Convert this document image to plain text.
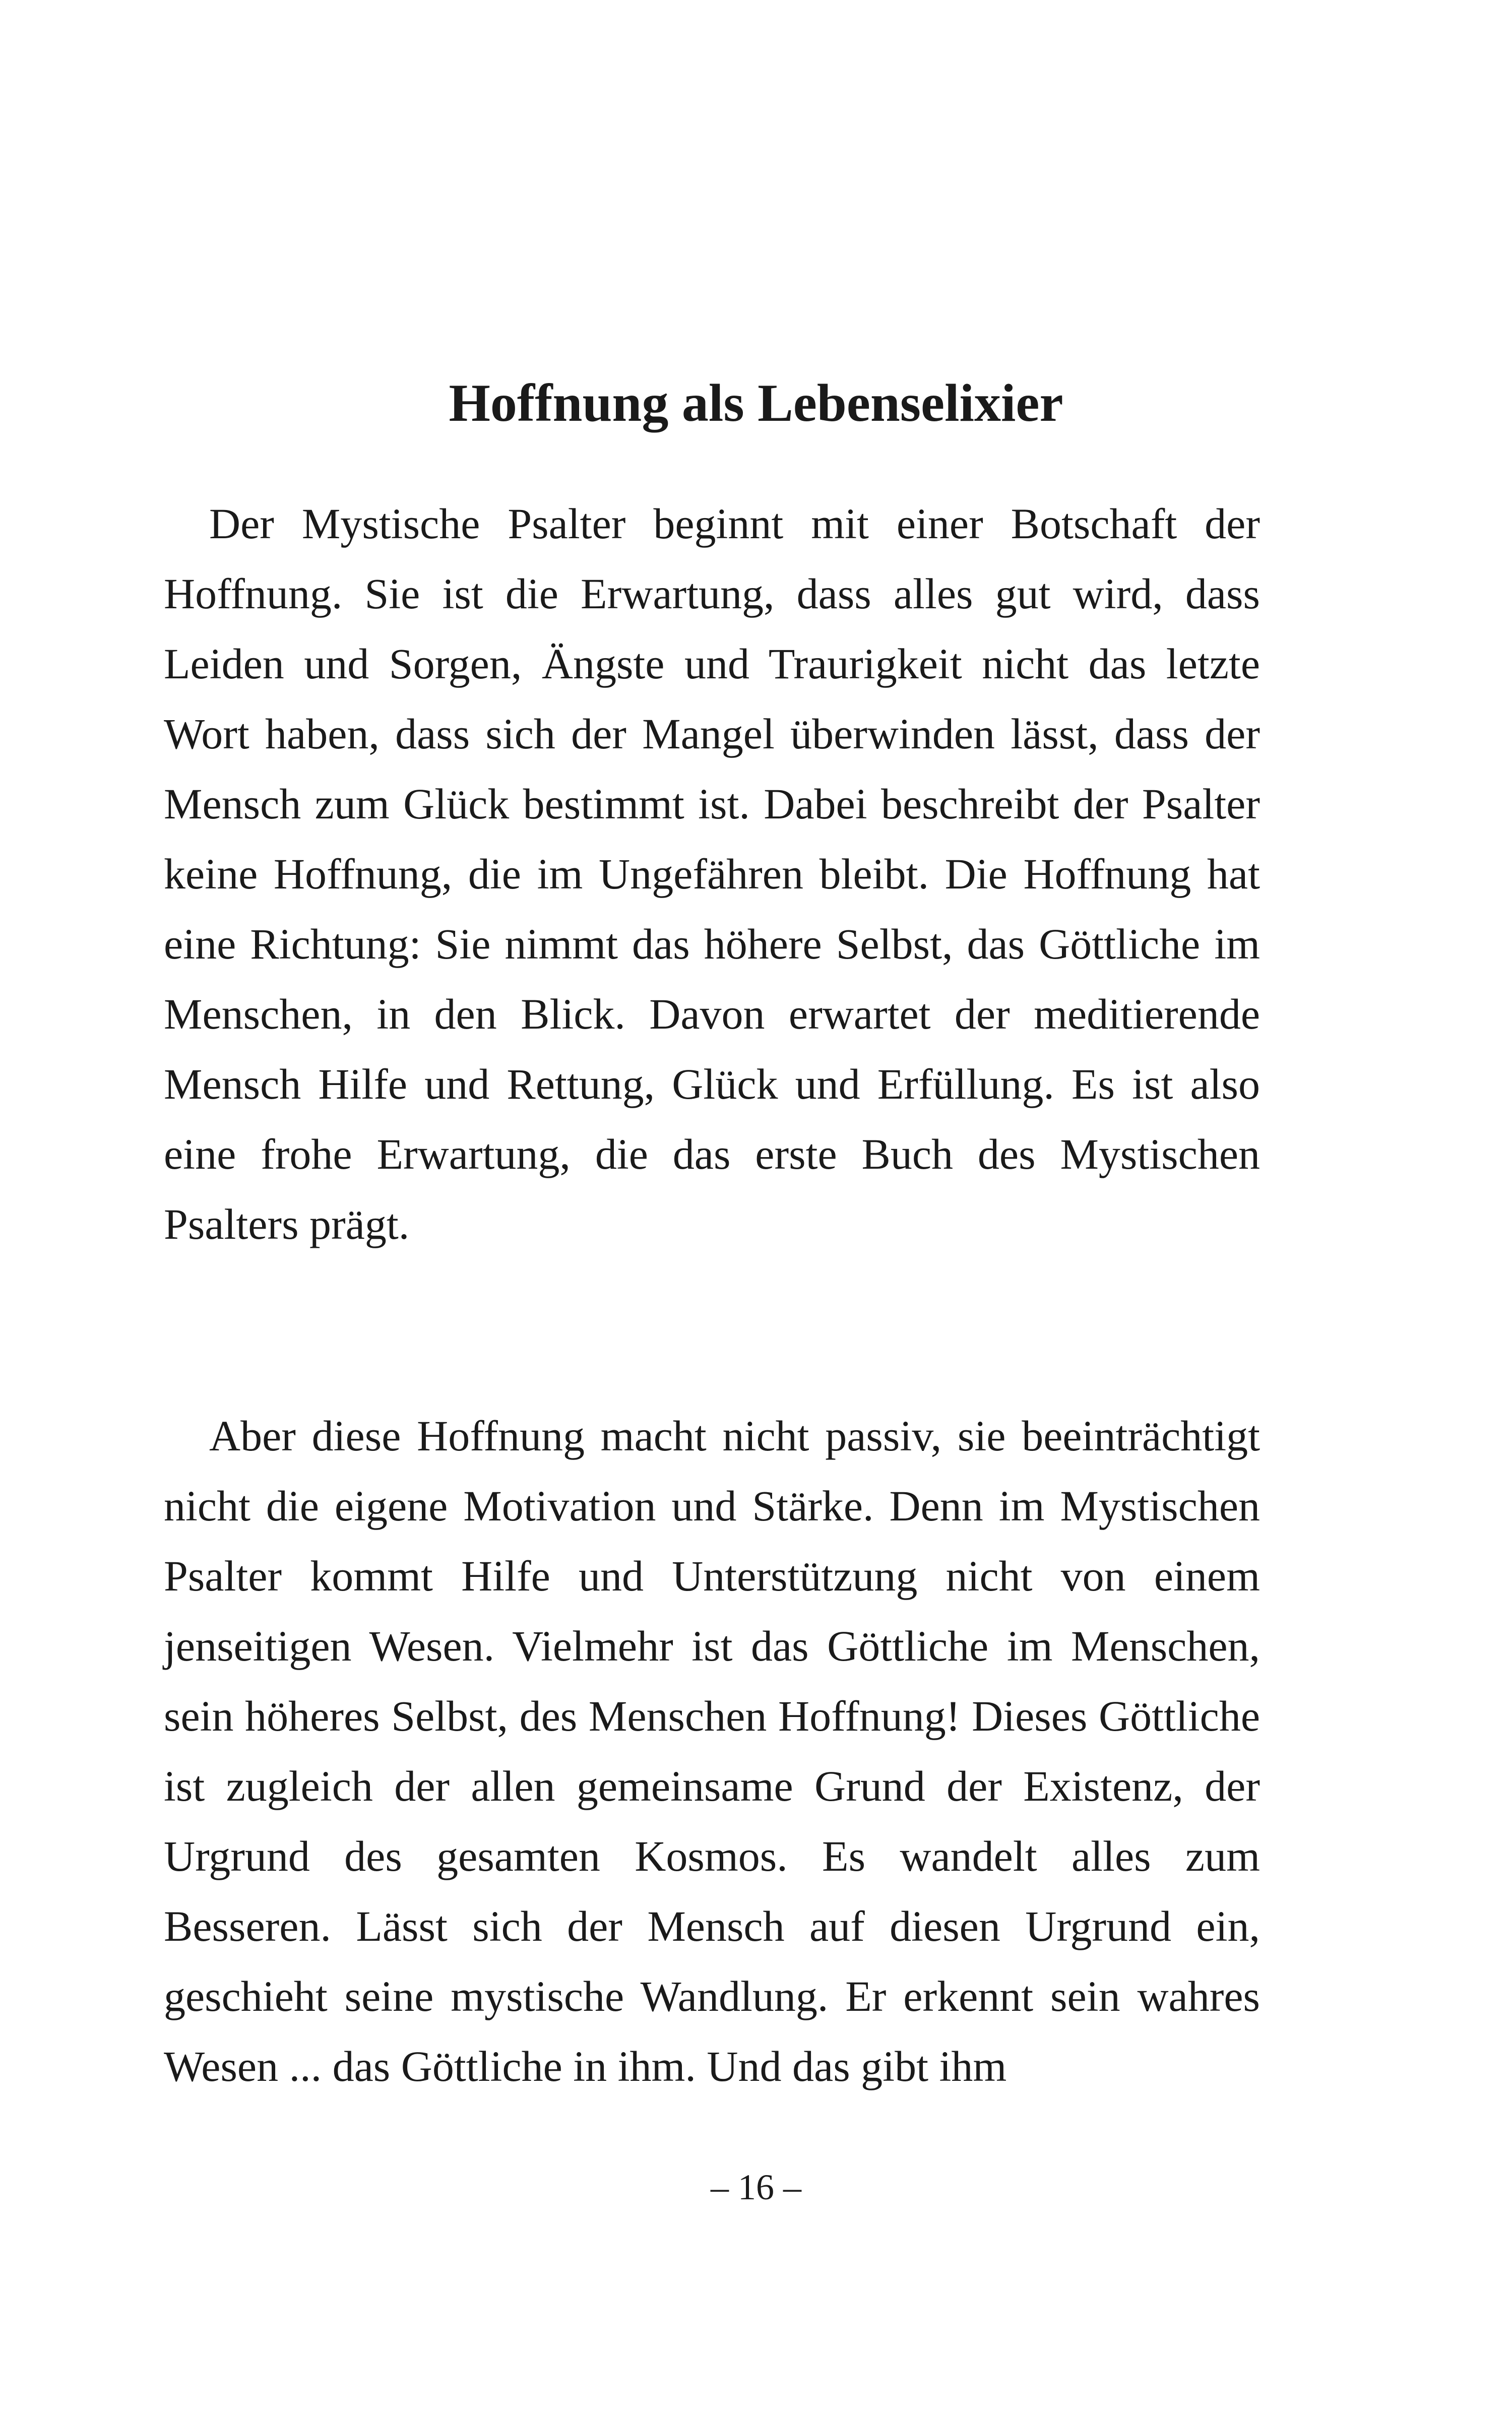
Hoffnung als Lebenselixier

Der Mystische Psalter beginnt mit einer Botschaft der Hoffnung. Sie ist die Erwartung, dass alles gut wird, dass Leiden und Sorgen, Ängste und Traurigkeit nicht das letzte Wort haben, dass sich der Mangel überwinden lässt, dass der Mensch zum Glück bestimmt ist. Dabei beschreibt der Psalter keine Hoffnung, die im Ungefähren bleibt. Die Hoffnung hat eine Richtung: Sie nimmt das höhere Selbst, das Göttliche im Menschen, in den Blick. Davon erwartet der meditierende Mensch Hilfe und Rettung, Glück und Erfüllung. Es ist also eine frohe Erwartung, die das erste Buch des Mystischen Psalters prägt.

Aber diese Hoffnung macht nicht passiv, sie beeinträchtigt nicht die eigene Motivation und Stärke. Denn im Mystischen Psalter kommt Hilfe und Unterstützung nicht von einem jenseitigen Wesen. Vielmehr ist das Göttliche im Menschen, sein höheres Selbst, des Menschen Hoffnung! Dieses Göttliche ist zugleich der allen gemeinsame Grund der Existenz, der Urgrund des gesamten Kosmos. Es wandelt alles zum Besseren. Lässt sich der Mensch auf diesen Urgrund ein, geschieht seine mystische Wandlung. Er erkennt sein wahres Wesen ... das Göttliche in ihm. Und das gibt ihm

– 16 –
